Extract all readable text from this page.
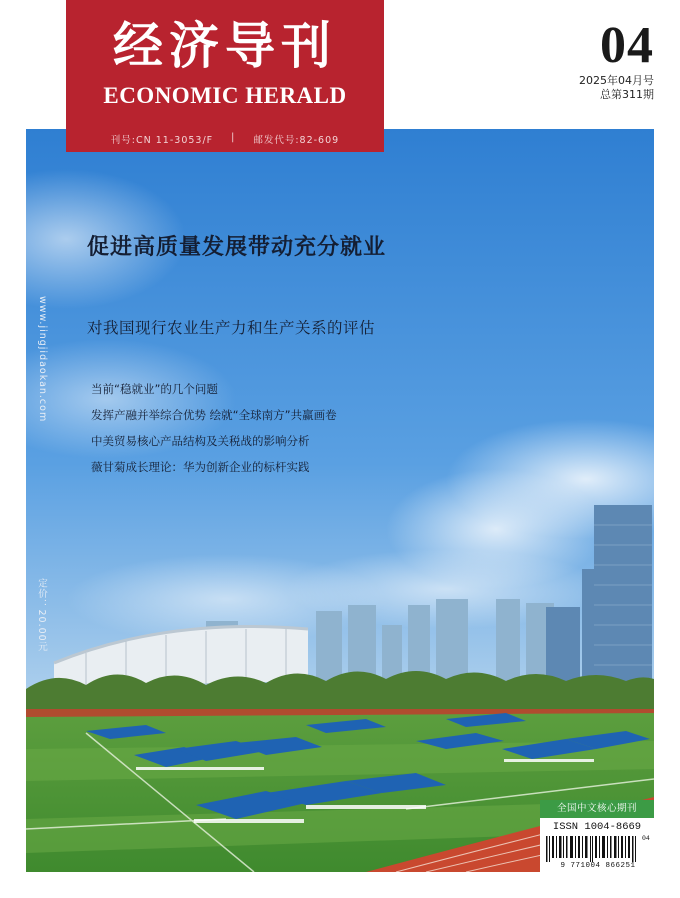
经济导刊
ECONOMIC HERALD
刊号:CN 11-3053/F | 邮发代号:82-609
04
2025年04月号
总第311期
促进高质量发展带动充分就业
对我国现行农业生产力和生产关系的评估
当前“稳就业”的几个问题
发挥产融并举综合优势 绘就“全球南方”共赢画卷
中美贸易核心产品结构及关税战的影响分析
薇甘菊成长理论：华为创新企业的标杆实践
www.jingjidaokan.com
定价：20.00元
全国中文核心期刊
ISSN 1004-8669
04
9 771004 866251
